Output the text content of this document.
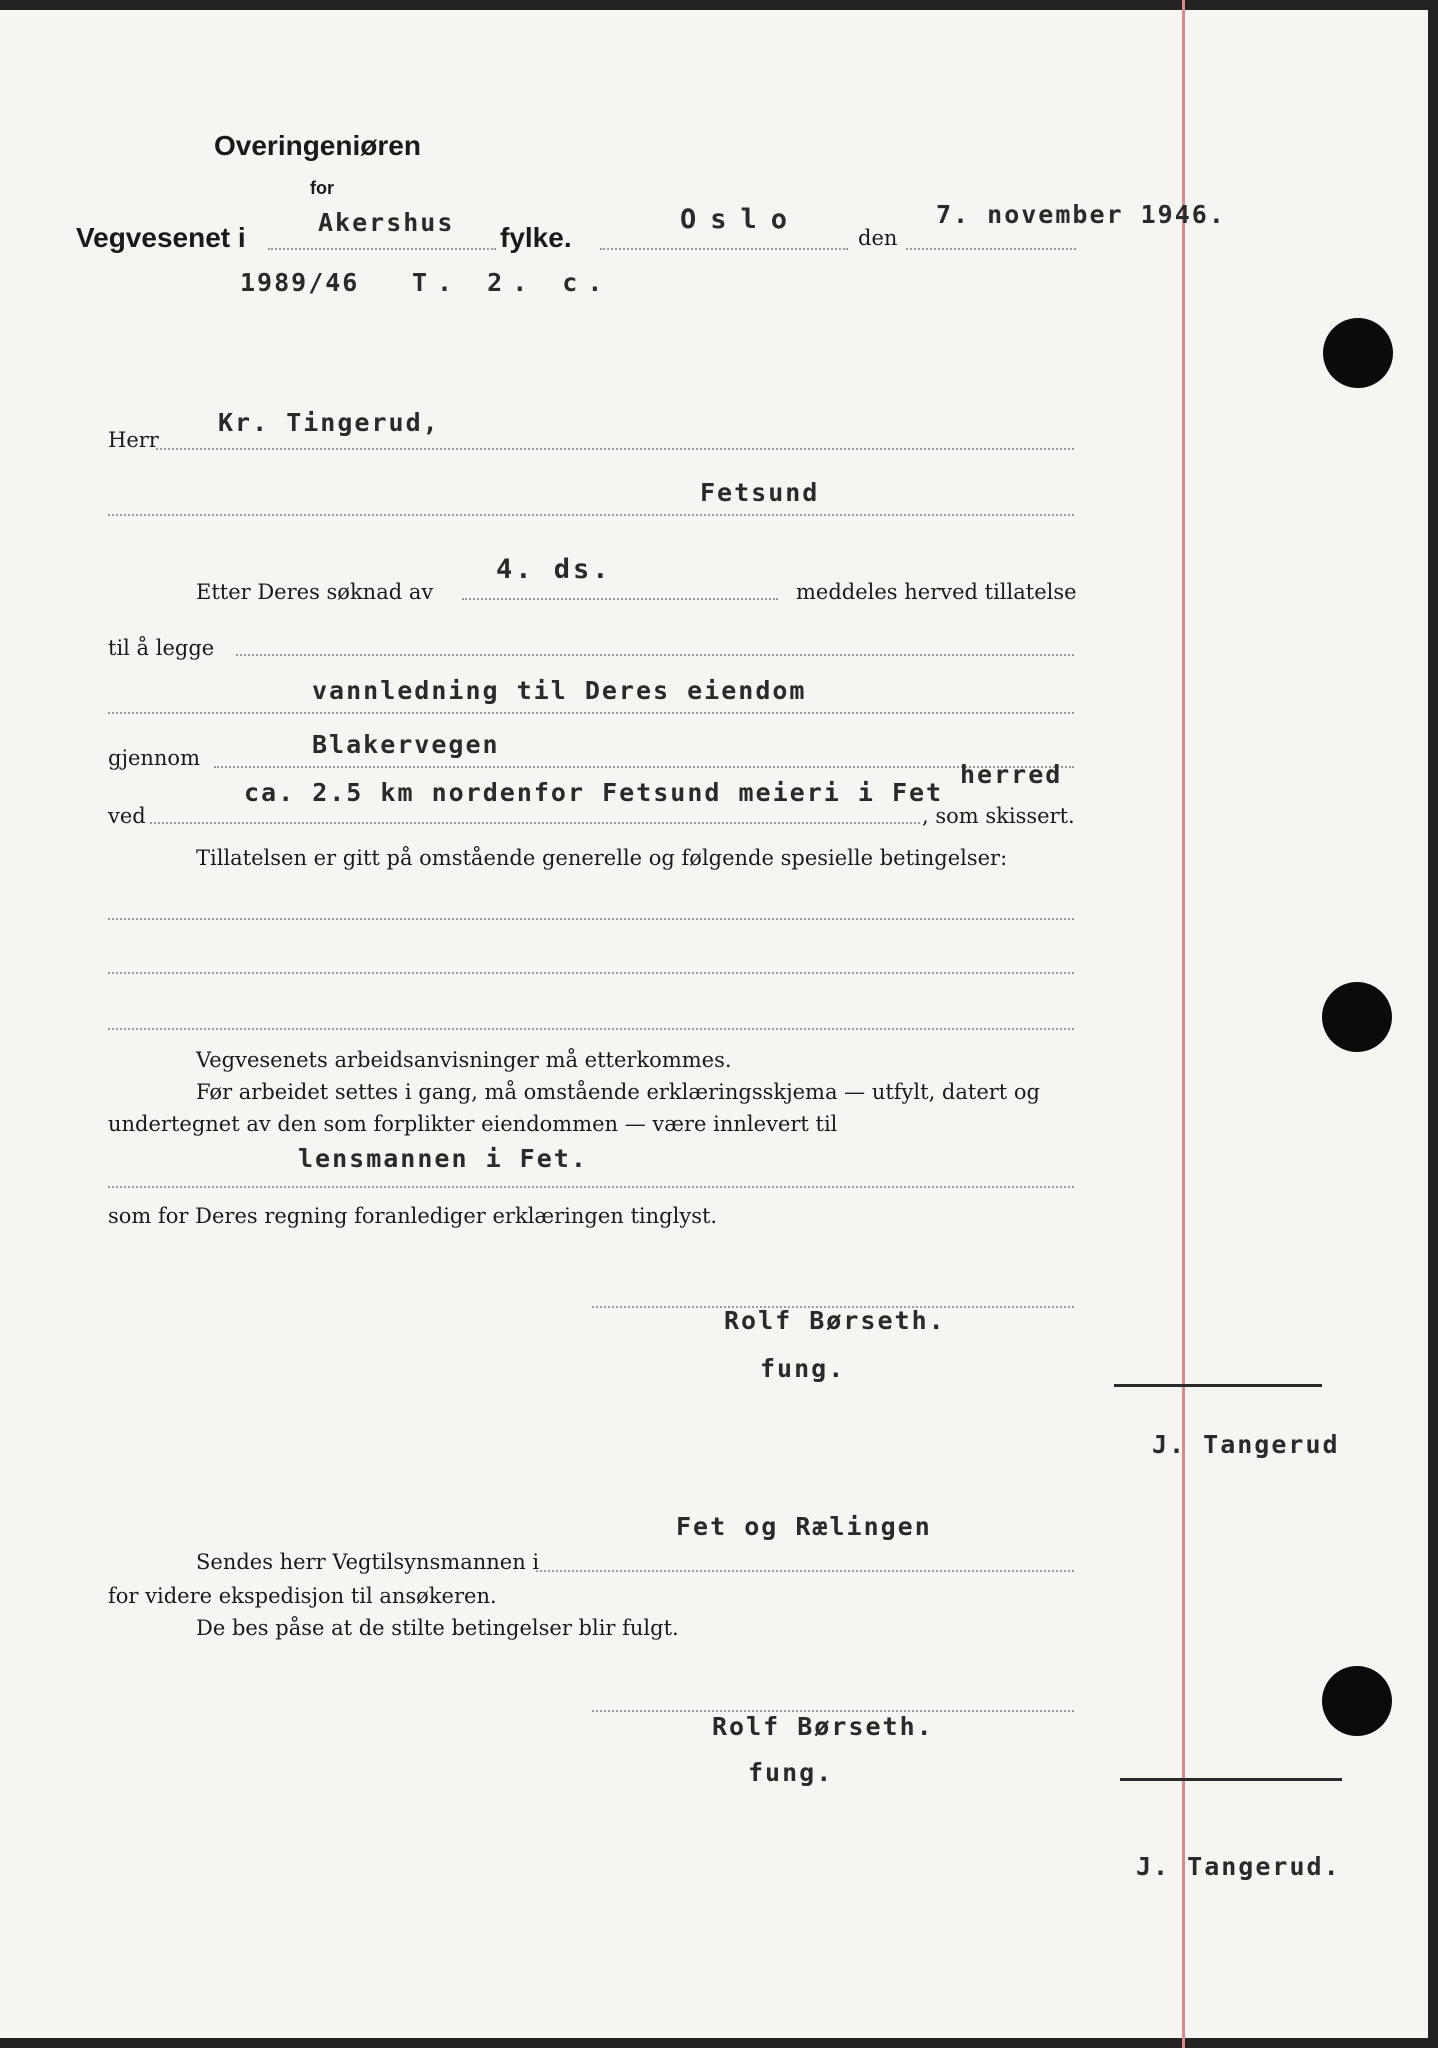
Overingeniøren
for
Vegvesenet i	Akershus fylke.
Oslo
den
7. november 1946.
1989/46 T. 2. c.
Herr
Kr. Tingerud,
Fetsund
Etter Deres søknad av
4. ds.
meddeles herved tillatelse
til å legge
vannledning til Deres eiendom
gjennom	Blakervegen
ved
ca. 2.5 km nordenfor Fetsund meieri i Fet
herred
, som skissert.
Tillatelsen er gitt på omstående generelle og følgende spesielle betingelser:
Vegvesenets arbeidsanvisninger må etterkommes.
Før arbeidet settes i gang, må omstående erklæringsskjema — utfylt, datert og
undertegnet av den som forplikter eiendommen — være innlevert til
lensmannen i Fet.
som for Deres regning foranlediger erklæringen tinglyst.
Rolf Børseth.
fung.
J. Tangerud
Fet og Rælingen
Sendes herr Vegtilsynsmannen i
for videre ekspedisjon til ansøkeren.
De bes påse at de stilte betingelser blir fulgt.
Rolf Børseth.
fung.
J. Tangerud.
